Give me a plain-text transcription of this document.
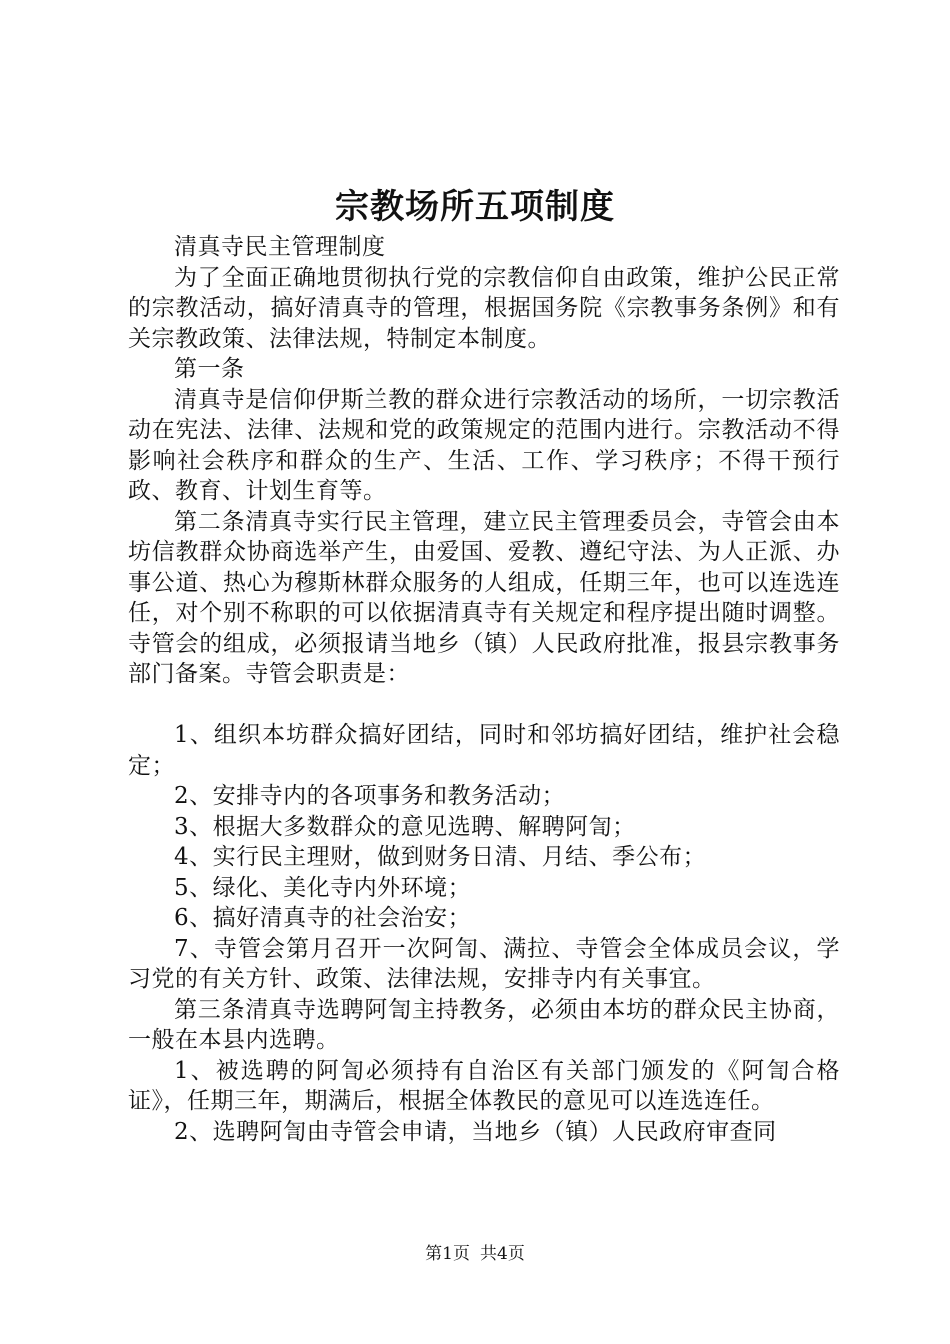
宗教场所五项制度

清真寺民主管理制度

为了全面正确地贯彻执行党的宗教信仰自由政策，维护公民正常的宗教活动，搞好清真寺的管理，根据国务院《宗教事务条例》和有关宗教政策、法律法规，特制定本制度。

第一条

清真寺是信仰伊斯兰教的群众进行宗教活动的场所，一切宗教活动在宪法、法律、法规和党的政策规定的范围内进行。宗教活动不得影响社会秩序和群众的生产、生活、工作、学习秩序；不得干预行政、教育、计划生育等。

第二条清真寺实行民主管理，建立民主管理委员会，寺管会由本坊信教群众协商选举产生，由爱国、爱教、遵纪守法、为人正派、办事公道、热心为穆斯林群众服务的人组成，任期三年，也可以连选连任，对个别不称职的可以依据清真寺有关规定和程序提出随时调整。寺管会的组成，必须报请当地乡（镇）人民政府批准，报县宗教事务部门备案。寺管会职责是：

1、组织本坊群众搞好团结，同时和邻坊搞好团结，维护社会稳定；

2、安排寺内的各项事务和教务活动；

3、根据大多数群众的意见选聘、解聘阿訇；

4、实行民主理财，做到财务日清、月结、季公布；

5、绿化、美化寺内外环境；

6、搞好清真寺的社会治安；

7、寺管会第月召开一次阿訇、满拉、寺管会全体成员会议，学习党的有关方针、政策、法律法规，安排寺内有关事宜。

第三条清真寺选聘阿訇主持教务，必须由本坊的群众民主协商，一般在本县内选聘。

1、被选聘的阿訇必须持有自治区有关部门颁发的《阿訇合格证》，任期三年，期满后，根据全体教民的意见可以连选连任。

2、选聘阿訇由寺管会申请，当地乡（镇）人民政府审查同

第1页 共4页
